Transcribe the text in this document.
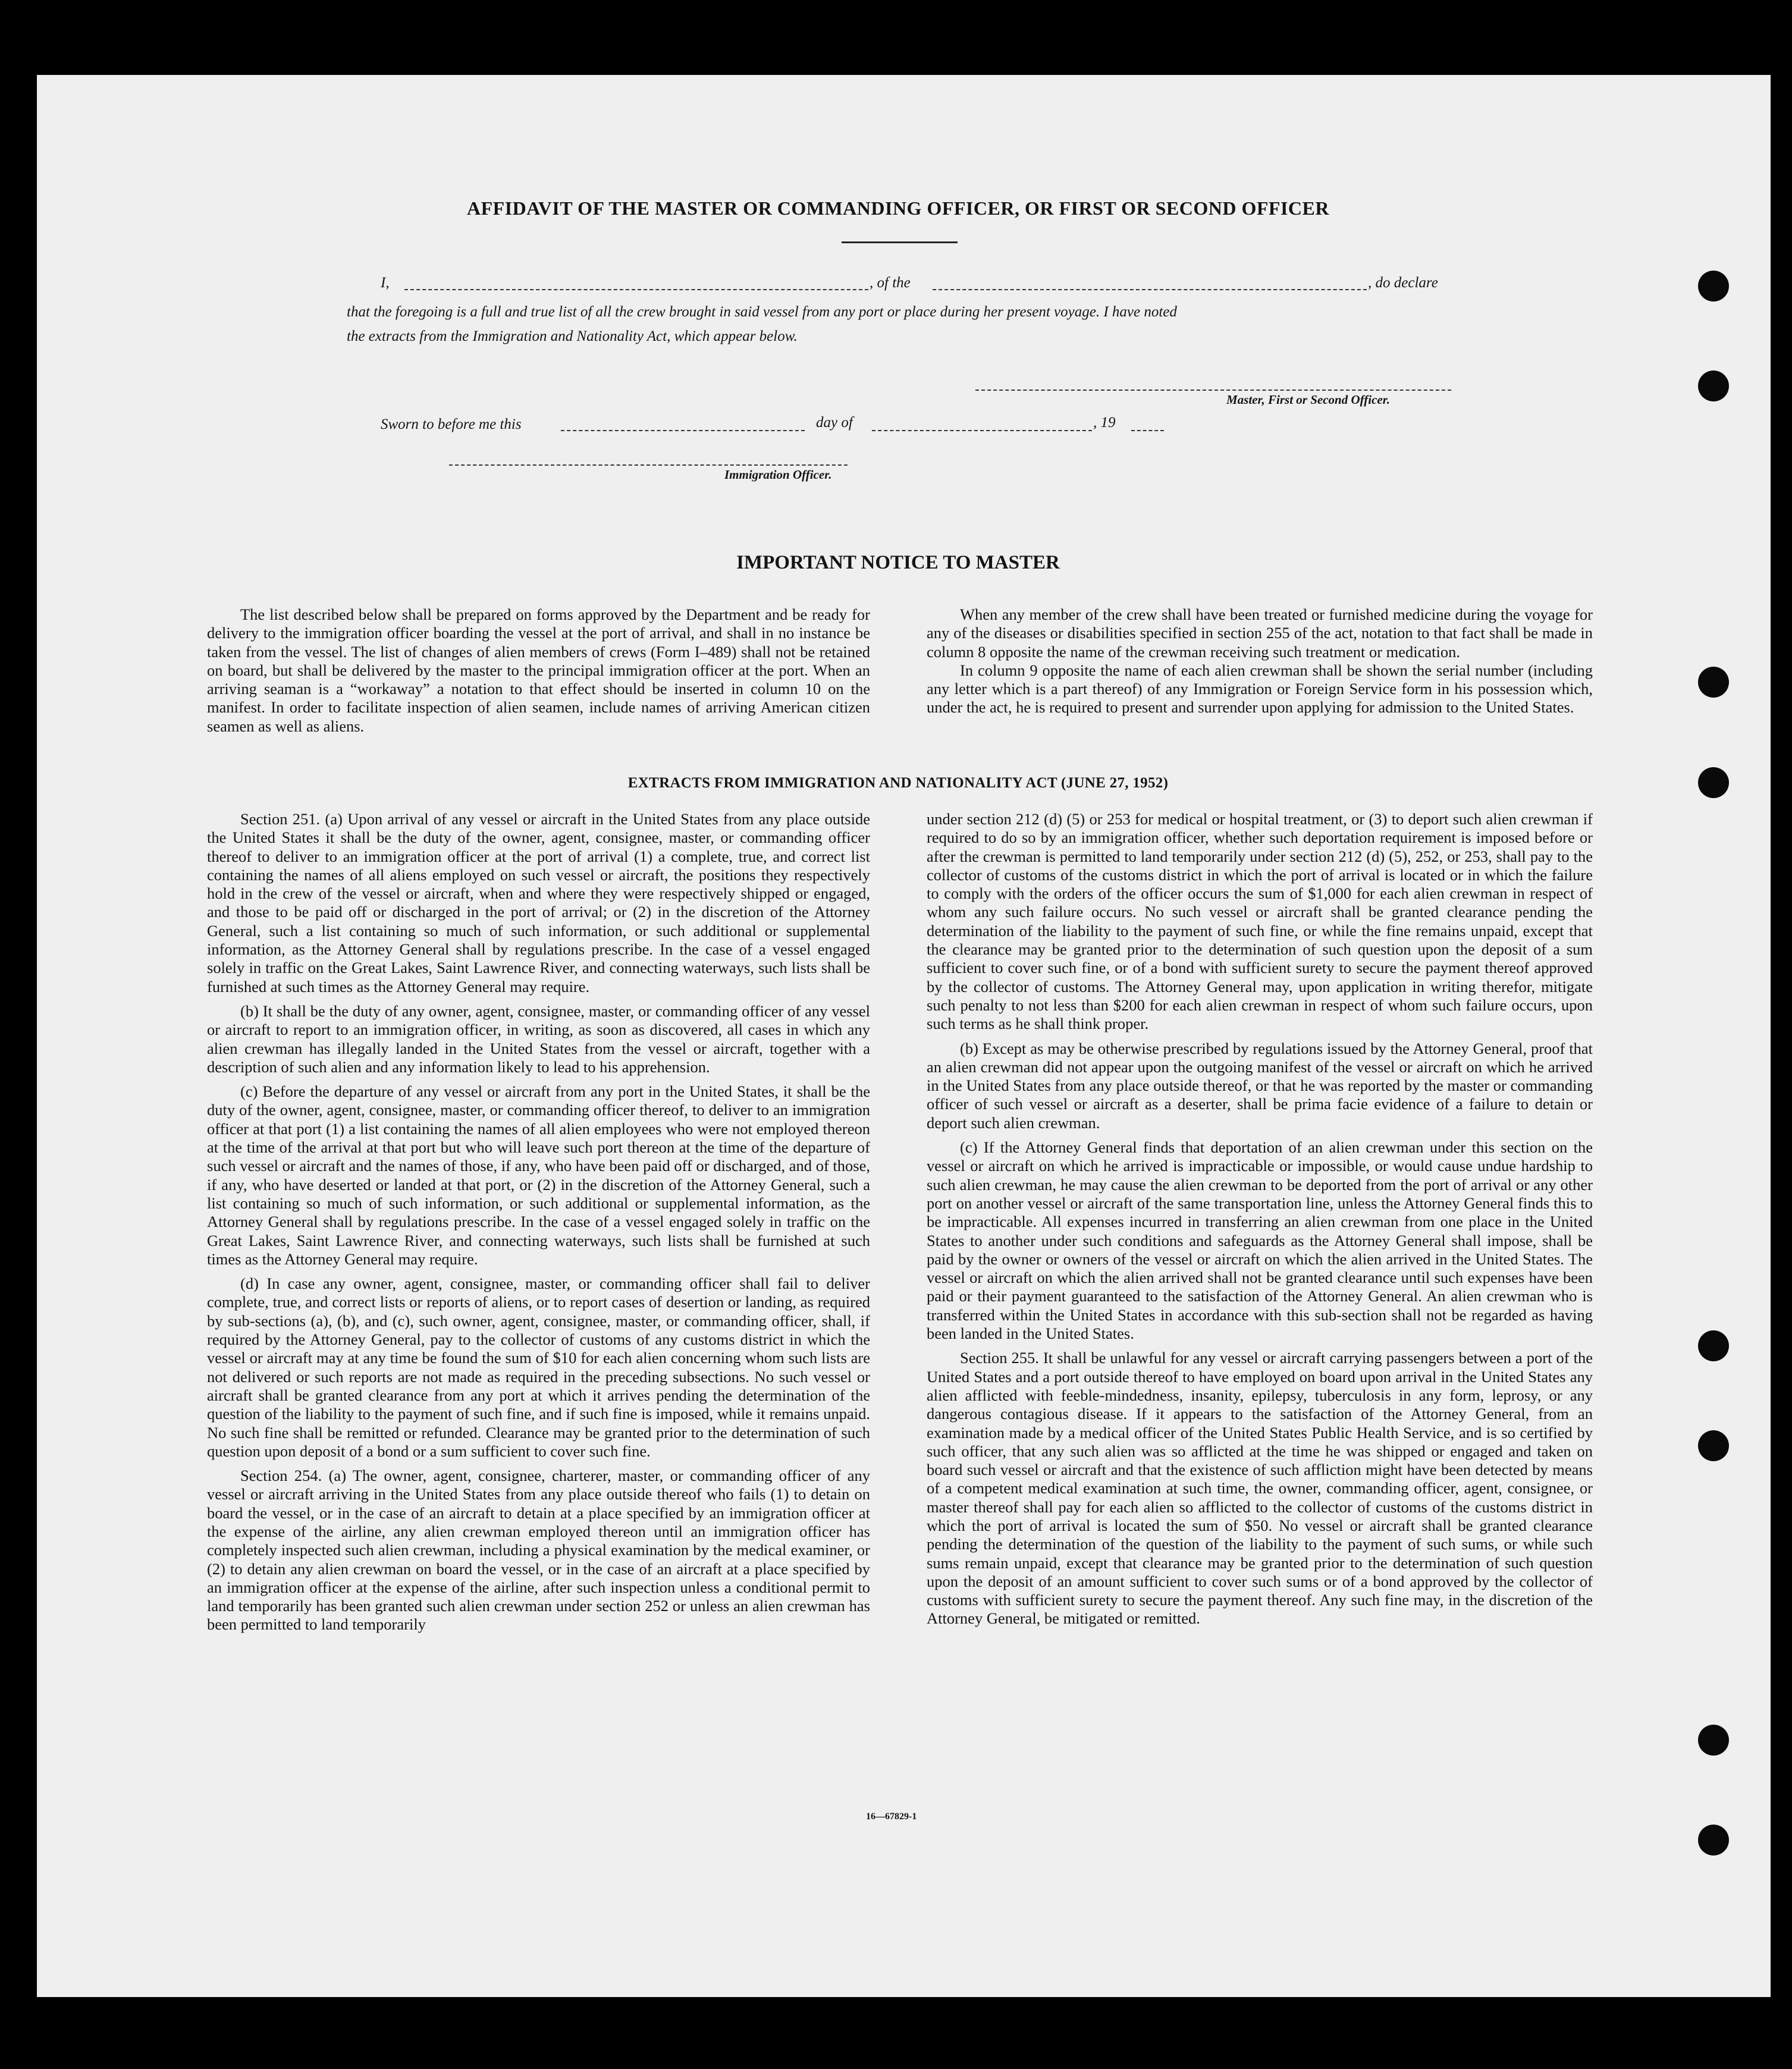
AFFIDAVIT OF THE MASTER OR COMMANDING OFFICER, OR FIRST OR SECOND OFFICER
I,	, of the	, do declare
that the foregoing is a full and true list of all the crew brought in said vessel from any port or place during her present voyage. I have noted
the extracts from the Immigration and Nationality Act, which appear below.
Master, First or Second Officer.
Sworn to before me this	day of	, 19
Immigration Officer.
IMPORTANT NOTICE TO MASTER

The list described below shall be prepared on forms approved by the Department and be ready for delivery to the immigration officer boarding the vessel at the port of arrival, and shall in no instance be taken from the vessel. The list of changes of alien members of crews (Form I–489) shall not be retained on board, but shall be delivered by the master to the principal immigration officer at the port. When an arriving seaman is a “workaway” a notation to that effect should be inserted in column 10 on the manifest. In order to facilitate inspection of alien seamen, include names of arriving American citizen seamen as well as aliens.

When any member of the crew shall have been treated or furnished medicine during the voyage for any of the diseases or disabilities specified in section 255 of the act, notation to that fact shall be made in column 8 opposite the name of the crewman receiving such treatment or medication.

In column 9 opposite the name of each alien crewman shall be shown the serial number (including any letter which is a part thereof) of any Immigration or Foreign Service form in his possession which, under the act, he is required to present and surrender upon applying for admission to the United States.

EXTRACTS FROM IMMIGRATION AND NATIONALITY ACT (JUNE 27, 1952)

Section 251. (a) Upon arrival of any vessel or aircraft in the United States from any place outside the United States it shall be the duty of the owner, agent, consignee, master, or commanding officer thereof to deliver to an immigration officer at the port of arrival (1) a complete, true, and correct list containing the names of all aliens employed on such vessel or aircraft, the positions they respectively hold in the crew of the vessel or aircraft, when and where they were respectively shipped or engaged, and those to be paid off or discharged in the port of arrival; or (2) in the discretion of the Attorney General, such a list containing so much of such information, or such additional or supplemental information, as the Attorney General shall by regulations prescribe. In the case of a vessel engaged solely in traffic on the Great Lakes, Saint Lawrence River, and connecting waterways, such lists shall be furnished at such times as the Attorney General may require.

(b) It shall be the duty of any owner, agent, consignee, master, or commanding officer of any vessel or aircraft to report to an immigration officer, in writing, as soon as discovered, all cases in which any alien crewman has illegally landed in the United States from the vessel or aircraft, together with a description of such alien and any information likely to lead to his apprehension.

(c) Before the departure of any vessel or aircraft from any port in the United States, it shall be the duty of the owner, agent, consignee, master, or commanding officer thereof, to deliver to an immigration officer at that port (1) a list containing the names of all alien employees who were not employed thereon at the time of the arrival at that port but who will leave such port thereon at the time of the departure of such vessel or aircraft and the names of those, if any, who have been paid off or discharged, and of those, if any, who have deserted or landed at that port, or (2) in the discretion of the Attorney General, such a list containing so much of such information, or such additional or supplemental information, as the Attorney General shall by regulations prescribe. In the case of a vessel engaged solely in traffic on the Great Lakes, Saint Lawrence River, and connecting waterways, such lists shall be furnished at such times as the Attorney General may require.

(d) In case any owner, agent, consignee, master, or commanding officer shall fail to deliver complete, true, and correct lists or reports of aliens, or to report cases of desertion or landing, as required by sub-sections (a), (b), and (c), such owner, agent, consignee, master, or commanding officer, shall, if required by the Attorney General, pay to the collector of customs of any customs district in which the vessel or aircraft may at any time be found the sum of $10 for each alien concerning whom such lists are not delivered or such reports are not made as required in the preceding subsections. No such vessel or aircraft shall be granted clearance from any port at which it arrives pending the determination of the question of the liability to the payment of such fine, and if such fine is imposed, while it remains unpaid. No such fine shall be remitted or refunded. Clearance may be granted prior to the determination of such question upon deposit of a bond or a sum sufficient to cover such fine.

Section 254. (a) The owner, agent, consignee, charterer, master, or commanding officer of any vessel or aircraft arriving in the United States from any place outside thereof who fails (1) to detain on board the vessel, or in the case of an aircraft to detain at a place specified by an immigration officer at the expense of the airline, any alien crewman employed thereon until an immigration officer has completely inspected such alien crewman, including a physical examination by the medical examiner, or (2) to detain any alien crewman on board the vessel, or in the case of an aircraft at a place specified by an immigration officer at the expense of the airline, after such inspection unless a conditional permit to land temporarily has been granted such alien crewman under section 252 or unless an alien crewman has been permitted to land temporarily

under section 212 (d) (5) or 253 for medical or hospital treatment, or (3) to deport such alien crewman if required to do so by an immigration officer, whether such deportation requirement is imposed before or after the crewman is permitted to land temporarily under section 212 (d) (5), 252, or 253, shall pay to the collector of customs of the customs district in which the port of arrival is located or in which the failure to comply with the orders of the officer occurs the sum of $1,000 for each alien crewman in respect of whom any such failure occurs. No such vessel or aircraft shall be granted clearance pending the determination of the liability to the payment of such fine, or while the fine remains unpaid, except that the clearance may be granted prior to the determination of such question upon the deposit of a sum sufficient to cover such fine, or of a bond with sufficient surety to secure the payment thereof approved by the collector of customs. The Attorney General may, upon application in writing therefor, mitigate such penalty to not less than $200 for each alien crewman in respect of whom such failure occurs, upon such terms as he shall think proper.

(b) Except as may be otherwise prescribed by regulations issued by the Attorney General, proof that an alien crewman did not appear upon the outgoing manifest of the vessel or aircraft on which he arrived in the United States from any place outside thereof, or that he was reported by the master or commanding officer of such vessel or aircraft as a deserter, shall be prima facie evidence of a failure to detain or deport such alien crewman.

(c) If the Attorney General finds that deportation of an alien crewman under this section on the vessel or aircraft on which he arrived is impracticable or impossible, or would cause undue hardship to such alien crewman, he may cause the alien crewman to be deported from the port of arrival or any other port on another vessel or aircraft of the same transportation line, unless the Attorney General finds this to be impracticable. All expenses incurred in transferring an alien crewman from one place in the United States to another under such conditions and safeguards as the Attorney General shall impose, shall be paid by the owner or owners of the vessel or aircraft on which the alien arrived in the United States. The vessel or aircraft on which the alien arrived shall not be granted clearance until such expenses have been paid or their payment guaranteed to the satisfaction of the Attorney General. An alien crewman who is transferred within the United States in accordance with this sub-section shall not be regarded as having been landed in the United States.

Section 255. It shall be unlawful for any vessel or aircraft carrying passengers between a port of the United States and a port outside thereof to have employed on board upon arrival in the United States any alien afflicted with feeble-mindedness, insanity, epilepsy, tuberculosis in any form, leprosy, or any dangerous contagious disease. If it appears to the satisfaction of the Attorney General, from an examination made by a medical officer of the United States Public Health Service, and is so certified by such officer, that any such alien was so afflicted at the time he was shipped or engaged and taken on board such vessel or aircraft and that the existence of such affliction might have been detected by means of a competent medical examination at such time, the owner, commanding officer, agent, consignee, or master thereof shall pay for each alien so afflicted to the collector of customs of the customs district in which the port of arrival is located the sum of $50. No vessel or aircraft shall be granted clearance pending the determination of the question of the liability to the payment of such sums, or while such sums remain unpaid, except that clearance may be granted prior to the determination of such question upon the deposit of an amount sufficient to cover such sums or of a bond approved by the collector of customs with sufficient surety to secure the payment thereof. Any such fine may, in the discretion of the Attorney General, be mitigated or remitted.

16—67829-1
